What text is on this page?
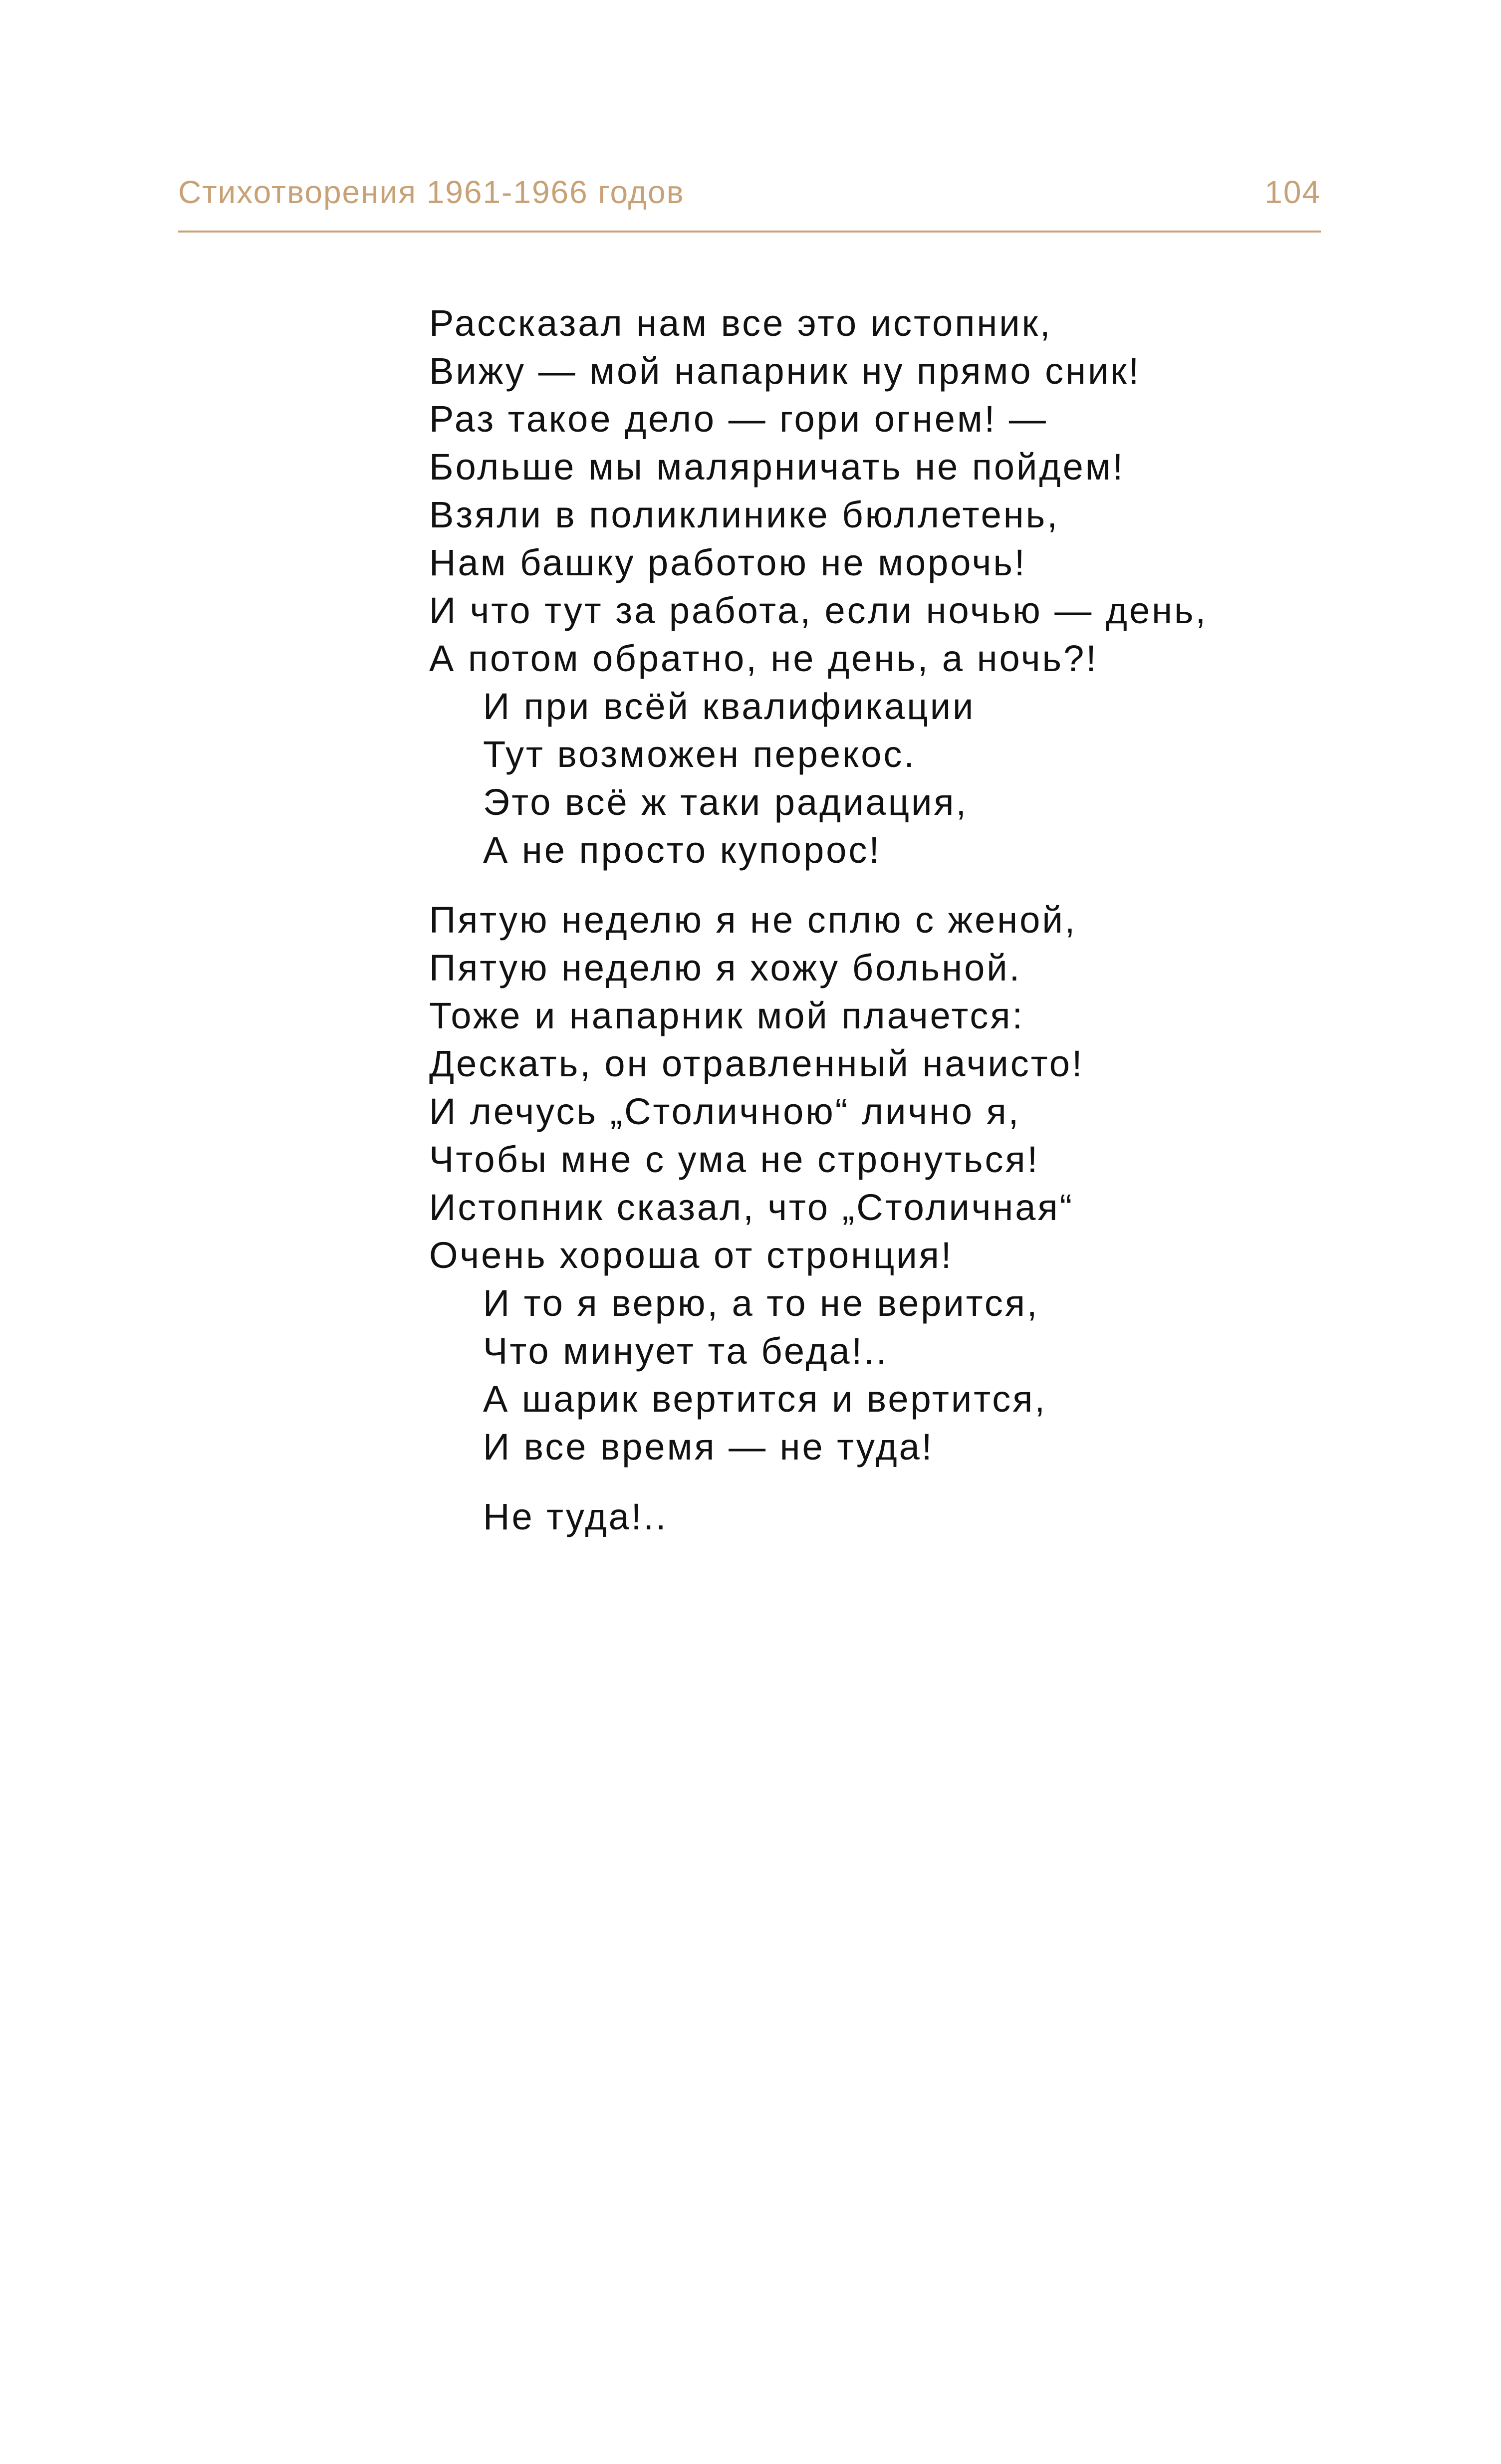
Стихотворения 1961-1966 годов	104
Рассказал нам все это истопник,
Вижу — мой напарник ну прямо сник!
Раз такое дело — гори огнем! —
Больше мы малярничать не пойдем!
Взяли в поликлинике бюллетень,
Нам башку работою не морочь!
И что тут за работа, если ночью — день,
А потом обратно, не день, а ночь?!
И при всёй квалификации
Тут возможен перекос.
Это всё ж таки радиация,
А не просто купорос!
Пятую неделю я не сплю с женой,
Пятую неделю я хожу больной.
Тоже и напарник мой плачется:
Дескать, он отравленный начисто!
И лечусь „Столичною“ лично я,
Чтобы мне с ума не стронуться!
Истопник сказал, что „Столичная“
Очень хороша от стронция!
И то я верю, а то не верится,
Что минует та беда!..
А шарик вертится и вертится,
И все время — не туда!
Не туда!..
